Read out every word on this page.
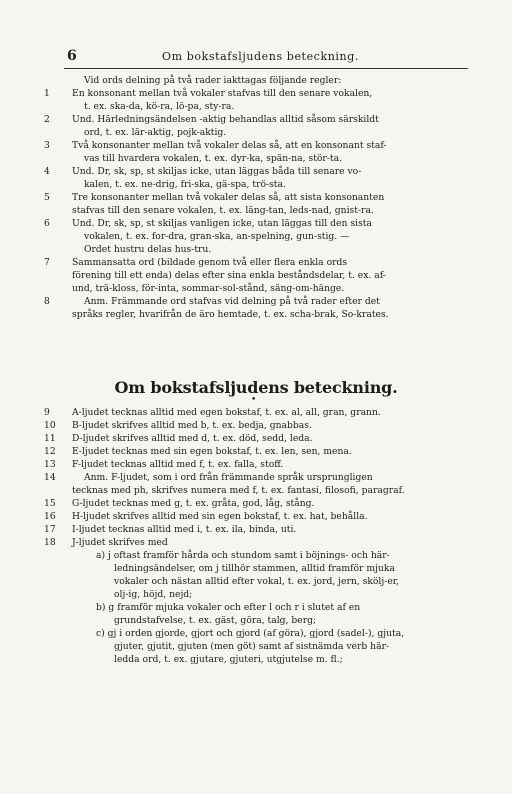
6	Om bokstafsljudens beteckning.
Vid ords delning på två rader iakttagas följande regler:
1	En konsonant mellan två vokaler stafvas till den senare vokalen,
t. ex. ska-da, kö-ra, lö-pa, sty-ra.
2	Und. Härledningsändelsen -aktig behandlas alltid såsom särskildt
ord, t. ex. lär-aktig, pojk-aktig.
3	Två konsonanter mellan två vokaler delas så, att en konsonant staf-
vas till hvardera vokalen, t. ex. dyr-ka, spän-na, stör-ta.
4	Und. Dr, sk, sp, st skiljas icke, utan läggas båda till senare vo-
kalen, t. ex. ne-drig, fri-ska, gä-spa, trö-sta.
5	Tre konsonanter mellan två vokaler delas så, att sista konsonanten
stafvas till den senare vokalen, t. ex. läng-tan, leds-nad, gnist-ra.
6	Und. Dr, sk, sp, st skiljas vanligen icke, utan läggas till den sista
vokalen, t. ex. for-dra, gran-ska, an-spelning, gun-stig. —
Ordet hustru delas hus-tru.
7	Sammansatta ord (bildade genom två eller flera enkla ords
förening till ett enda) delas efter sina enkla beståndsdelar, t. ex. af-
und, trä-kloss, för-inta, sommar-sol-stånd, säng-om-hänge.
8	Anm. Främmande ord stafvas vid delning på två rader efter det
språks regler, hvarifrån de äro hemtade, t. ex. scha-brak, So-krates.
Om bokstafsljudens beteckning.
•
9	A-ljudet tecknas alltid med egen bokstaf, t. ex. al, all, gran, grann.
10	B-ljudet skrifves alltid med b, t. ex. bedja, gnabbas.
11	D-ljudet skrifves alltid med d, t. ex. död, sedd, leda.
12	E-ljudet tecknas med sin egen bokstaf, t. ex. len, sen, mena.
13	F-ljudet tecknas alltid med f, t. ex. falla, stoff.
14	Anm. F-ljudet, som i ord från främmande språk ursprungligen
tecknas med ph, skrifves numera med f, t. ex. fantasi, filosofi, paragraf.
15	G-ljudet tecknas med g, t. ex. gråta, god, låg, stång.
16	H-ljudet skrifves alltid med sin egen bokstaf, t. ex. hat, behålla.
17	I-ljudet tecknas alltid med i, t. ex. ila, binda, uti.
18	J-ljudet skrifves med
a) j oftast framför hårda och stundom samt i böjnings- och här-
ledningsändelser, om j tillhör stammen, alltid framför mjuka
vokaler och nästan alltid efter vokal, t. ex. jord, jern, skölj-er,
olj-ig, höjd, nejd;
b) g framför mjuka vokaler och efter l och r i slutet af en
grundstafvelse, t. ex. gäst, göra, talg, berg;
c) gj i orden gjorde, gjort och gjord (af göra), gjord (sadel-), gjuta,
gjuter, gjutit, gjuten (men göt) samt af sistnämda verb här-
ledda ord, t. ex. gjutare, gjuteri, utgjutelse m. fl.;
